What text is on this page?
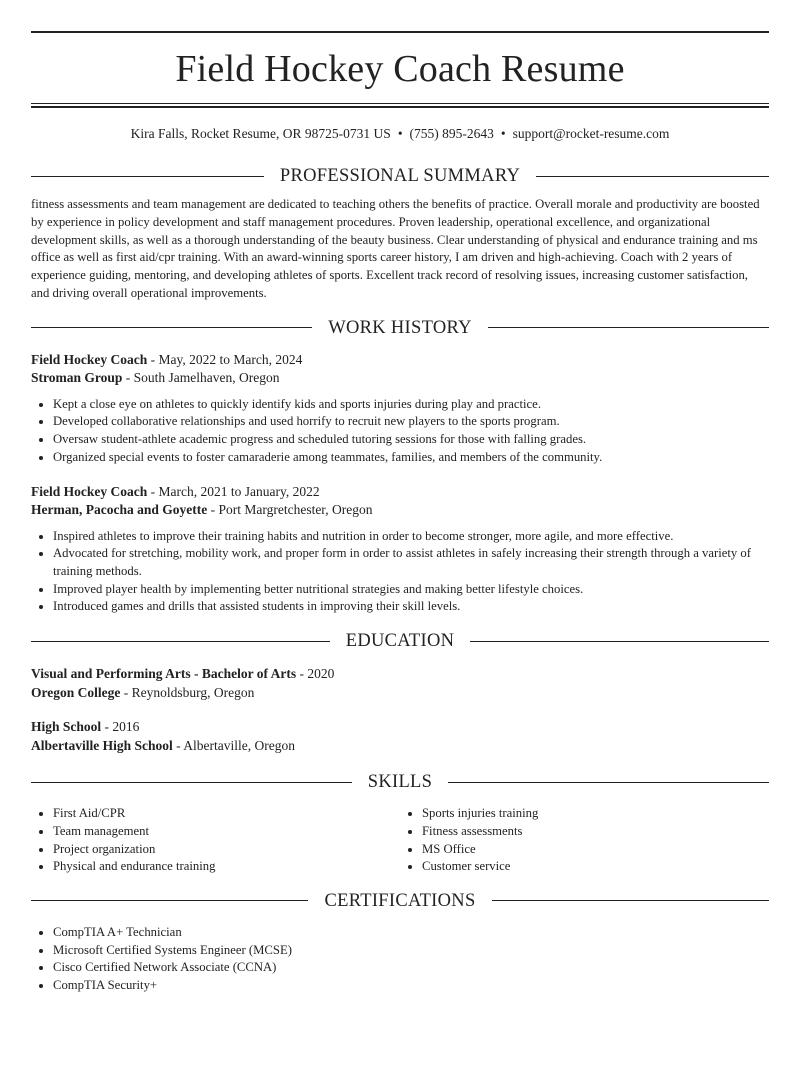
Field Hockey Coach Resume
Kira Falls, Rocket Resume, OR 98725-0731 US • (755) 895-2643 • support@rocket-resume.com
PROFESSIONAL SUMMARY

fitness assessments and team management are dedicated to teaching others the benefits of practice. Overall morale and productivity are boosted by experience in policy development and staff management procedures. Proven leadership, operational excellence, and organizational development skills, as well as a thorough understanding of the beauty business. Clear understanding of physical and endurance training and ms office as well as first aid/cpr training. With an award-winning sports career history, I am driven and high-achieving. Coach with 2 years of experience guiding, mentoring, and developing athletes of sports. Excellent track record of resolving issues, increasing customer satisfaction, and driving overall operational improvements.

WORK HISTORY
Field Hockey Coach - May, 2022 to March, 2024
Stroman Group - South Jamelhaven, Oregon
• Kept a close eye on athletes to quickly identify kids and sports injuries during play and practice.
• Developed collaborative relationships and used horrify to recruit new players to the sports program.
• Oversaw student-athlete academic progress and scheduled tutoring sessions for those with falling grades.
• Organized special events to foster camaraderie among teammates, families, and members of the community.
Field Hockey Coach - March, 2021 to January, 2022
Herman, Pacocha and Goyette - Port Margretchester, Oregon
• Inspired athletes to improve their training habits and nutrition in order to become stronger, more agile, and more effective.
• Advocated for stretching, mobility work, and proper form in order to assist athletes in safely increasing their strength through a variety of training methods.
• Improved player health by implementing better nutritional strategies and making better lifestyle choices.
• Introduced games and drills that assisted students in improving their skill levels.
EDUCATION
Visual and Performing Arts - Bachelor of Arts - 2020
Oregon College - Reynoldsburg, Oregon
High School - 2016
Albertaville High School - Albertaville, Oregon
SKILLS
• First Aid/CPR
• Team management
• Project organization
• Physical and endurance training
• Sports injuries training
• Fitness assessments
• MS Office
• Customer service
CERTIFICATIONS
• CompTIA A+ Technician
• Microsoft Certified Systems Engineer (MCSE)
• Cisco Certified Network Associate (CCNA)
• CompTIA Security+
